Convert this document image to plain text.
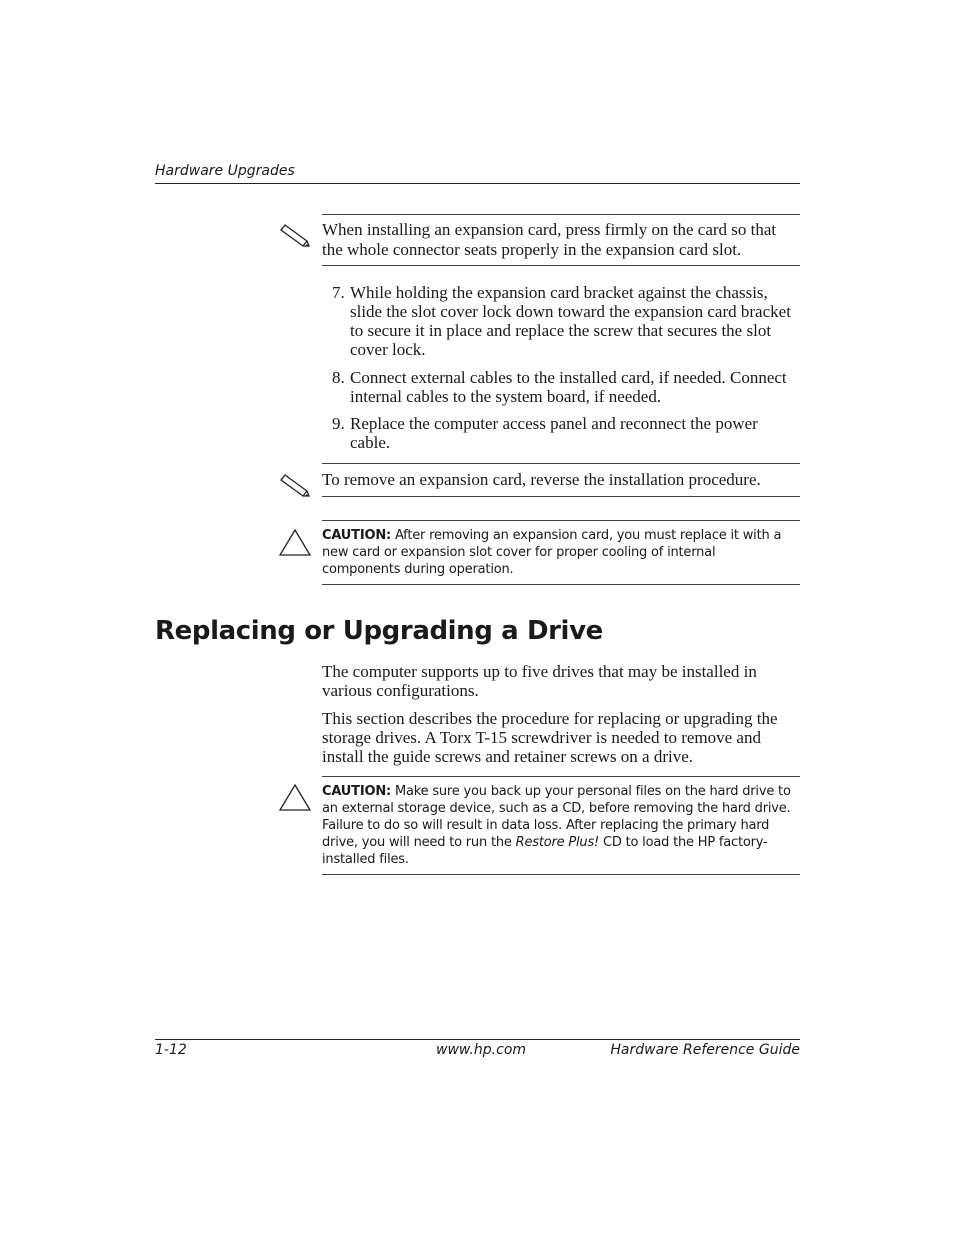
Hardware Upgrades
When installing an expansion card, press firmly on the card so that the whole connector seats properly in the expansion card slot.
7. While holding the expansion card bracket against the chassis, slide the slot cover lock down toward the expansion card bracket to secure it in place and replace the screw that secures the slot cover lock.
8. Connect external cables to the installed card, if needed. Connect internal cables to the system board, if needed.
9. Replace the computer access panel and reconnect the power cable.
To remove an expansion card, reverse the installation procedure.
CAUTION: After removing an expansion card, you must replace it with a new card or expansion slot cover for proper cooling of internal components during operation.
Replacing or Upgrading a Drive
The computer supports up to five drives that may be installed in various configurations.
This section describes the procedure for replacing or upgrading the storage drives. A Torx T-15 screwdriver is needed to remove and install the guide screws and retainer screws on a drive.
CAUTION: Make sure you back up your personal files on the hard drive to an external storage device, such as a CD, before removing the hard drive. Failure to do so will result in data loss. After replacing the primary hard drive, you will need to run the Restore Plus! CD to load the HP factory-installed files.
1-12	www.hp.com	Hardware Reference Guide
